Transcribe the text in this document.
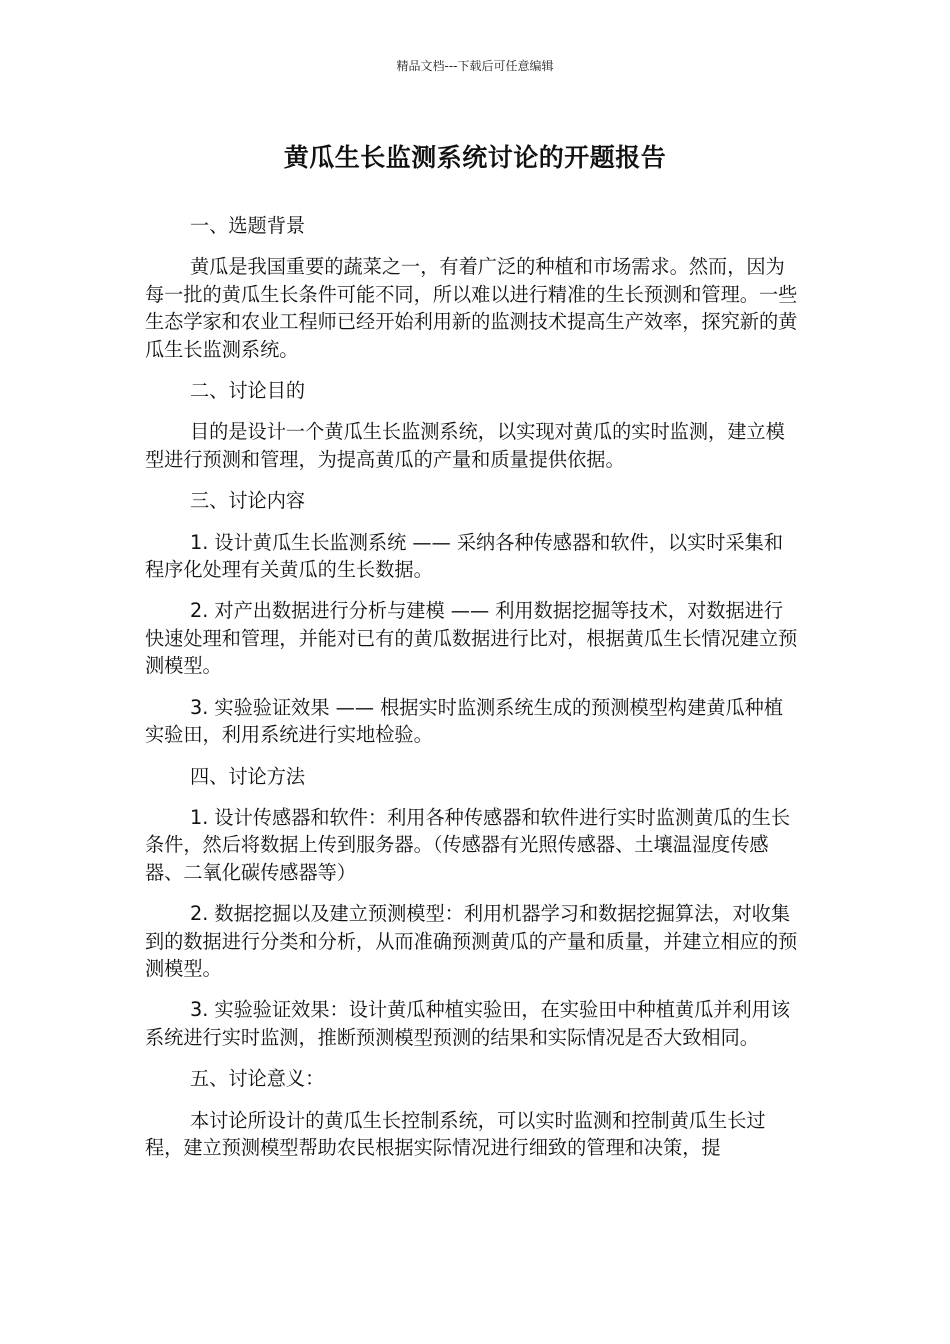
精品文档---下载后可任意编辑
黄瓜生长监测系统讨论的开题报告
一、选题背景

黄瓜是我国重要的蔬菜之一，有着广泛的种植和市场需求。然而，因为每一批的黄瓜生长条件可能不同，所以难以进行精准的生长预测和管理。一些生态学家和农业工程师已经开始利用新的监测技术提高生产效率，探究新的黄瓜生长监测系统。

二、讨论目的

目的是设计一个黄瓜生长监测系统，以实现对黄瓜的实时监测，建立模型进行预测和管理，为提高黄瓜的产量和质量提供依据。

三、讨论内容

1. 设计黄瓜生长监测系统 —— 采纳各种传感器和软件，以实时采集和程序化处理有关黄瓜的生长数据。

2. 对产出数据进行分析与建模 —— 利用数据挖掘等技术，对数据进行快速处理和管理，并能对已有的黄瓜数据进行比对，根据黄瓜生长情况建立预测模型。

3. 实验验证效果 —— 根据实时监测系统生成的预测模型构建黄瓜种植实验田，利用系统进行实地检验。

四、讨论方法

1. 设计传感器和软件：利用各种传感器和软件进行实时监测黄瓜的生长条件，然后将数据上传到服务器。（传感器有光照传感器、土壤温湿度传感器、二氧化碳传感器等）

2. 数据挖掘以及建立预测模型：利用机器学习和数据挖掘算法，对收集到的数据进行分类和分析，从而准确预测黄瓜的产量和质量，并建立相应的预测模型。

3. 实验验证效果：设计黄瓜种植实验田，在实验田中种植黄瓜并利用该系统进行实时监测，推断预测模型预测的结果和实际情况是否大致相同。

五、讨论意义：

本讨论所设计的黄瓜生长控制系统，可以实时监测和控制黄瓜生长过程，建立预测模型帮助农民根据实际情况进行细致的管理和决策，提
